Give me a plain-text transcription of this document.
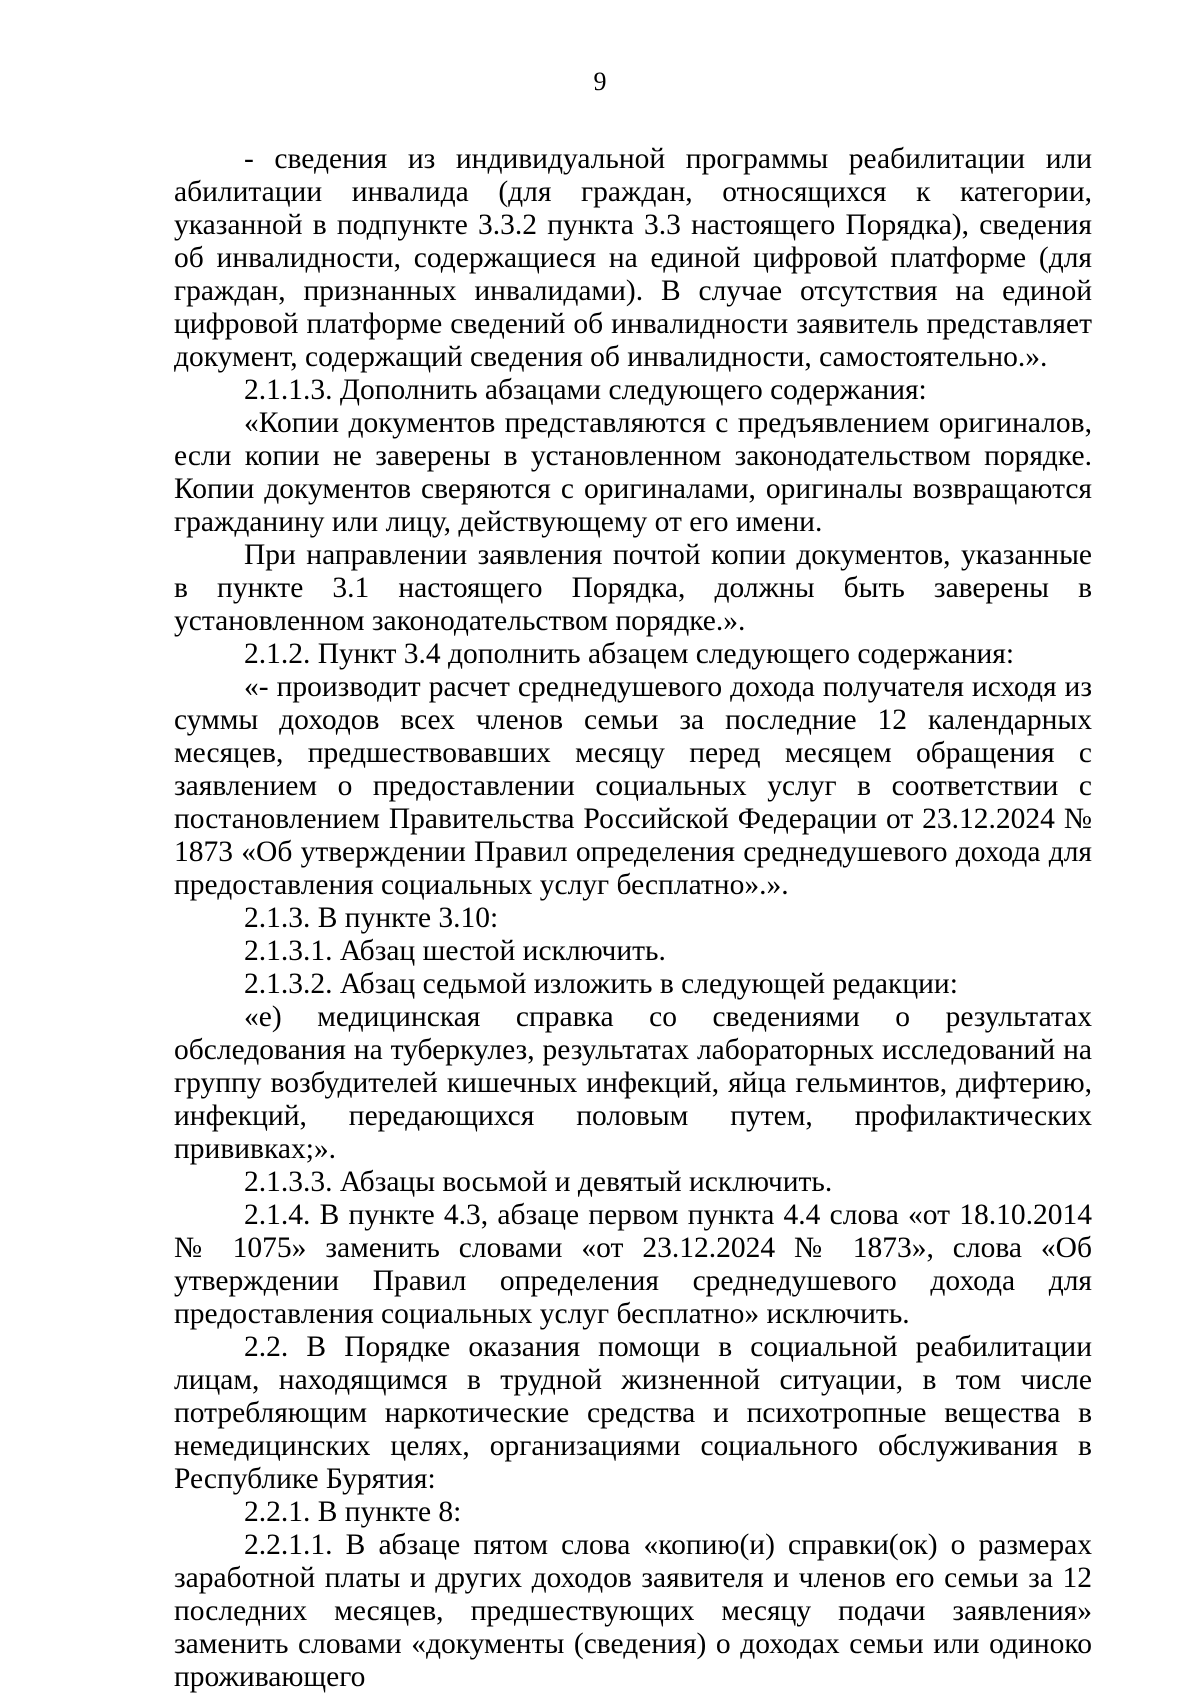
9

- сведения из индивидуальной программы реабилитации или абилитации инвалида (для граждан, относящихся к категории, указанной в подпункте 3.3.2 пункта 3.3 настоящего Порядка), сведения об инвалидности, содержащиеся на единой цифровой платформе (для граждан, признанных инвалидами). В случае отсутствия на единой цифровой платформе сведений об инвалидности заявитель представляет документ, содержащий сведения об инвалидности, самостоятельно.».

2.1.1.3. Дополнить абзацами следующего содержания:

«Копии документов представляются с предъявлением оригиналов, если копии не заверены в установленном законодательством порядке. Копии документов сверяются с оригиналами, оригиналы возвращаются гражданину или лицу, действующему от его имени.

При направлении заявления почтой копии документов, указанные в пункте 3.1 настоящего Порядка, должны быть заверены в установленном законодательством порядке.».

2.1.2. Пункт 3.4 дополнить абзацем следующего содержания:

«- производит расчет среднедушевого дохода получателя исходя из суммы доходов всех членов семьи за последние 12 календарных месяцев, предшествовавших месяцу перед месяцем обращения с заявлением о предоставлении социальных услуг в соответствии с постановлением Правительства Российской Федерации от 23.12.2024 № 1873 «Об утверждении Правил определения среднедушевого дохода для предоставления социальных услуг бесплатно».».

2.1.3. В пункте 3.10:

2.1.3.1. Абзац шестой исключить.

2.1.3.2. Абзац седьмой изложить в следующей редакции:

«е) медицинская справка со сведениями о результатах обследования на туберкулез, результатах лабораторных исследований на группу возбудителей кишечных инфекций, яйца гельминтов, дифтерию, инфекций, передающихся половым путем, профилактических прививках;».

2.1.3.3. Абзацы восьмой и девятый исключить.

2.1.4. В пункте 4.3, абзаце первом пункта 4.4 слова «от 18.10.2014 № 1075» заменить словами «от 23.12.2024 № 1873», слова «Об утверждении Правил определения среднедушевого дохода для предоставления социальных услуг бесплатно» исключить.

2.2. В Порядке оказания помощи в социальной реабилитации лицам, находящимся в трудной жизненной ситуации, в том числе потребляющим наркотические средства и психотропные вещества в немедицинских целях, организациями социального обслуживания в Республике Бурятия:

2.2.1. В пункте 8:

2.2.1.1. В абзаце пятом слова «копию(и) справки(ок) о размерах заработной платы и других доходов заявителя и членов его семьи за 12 последних месяцев, предшествующих месяцу подачи заявления» заменить словами «документы (сведения) о доходах семьи или одиноко проживающего
